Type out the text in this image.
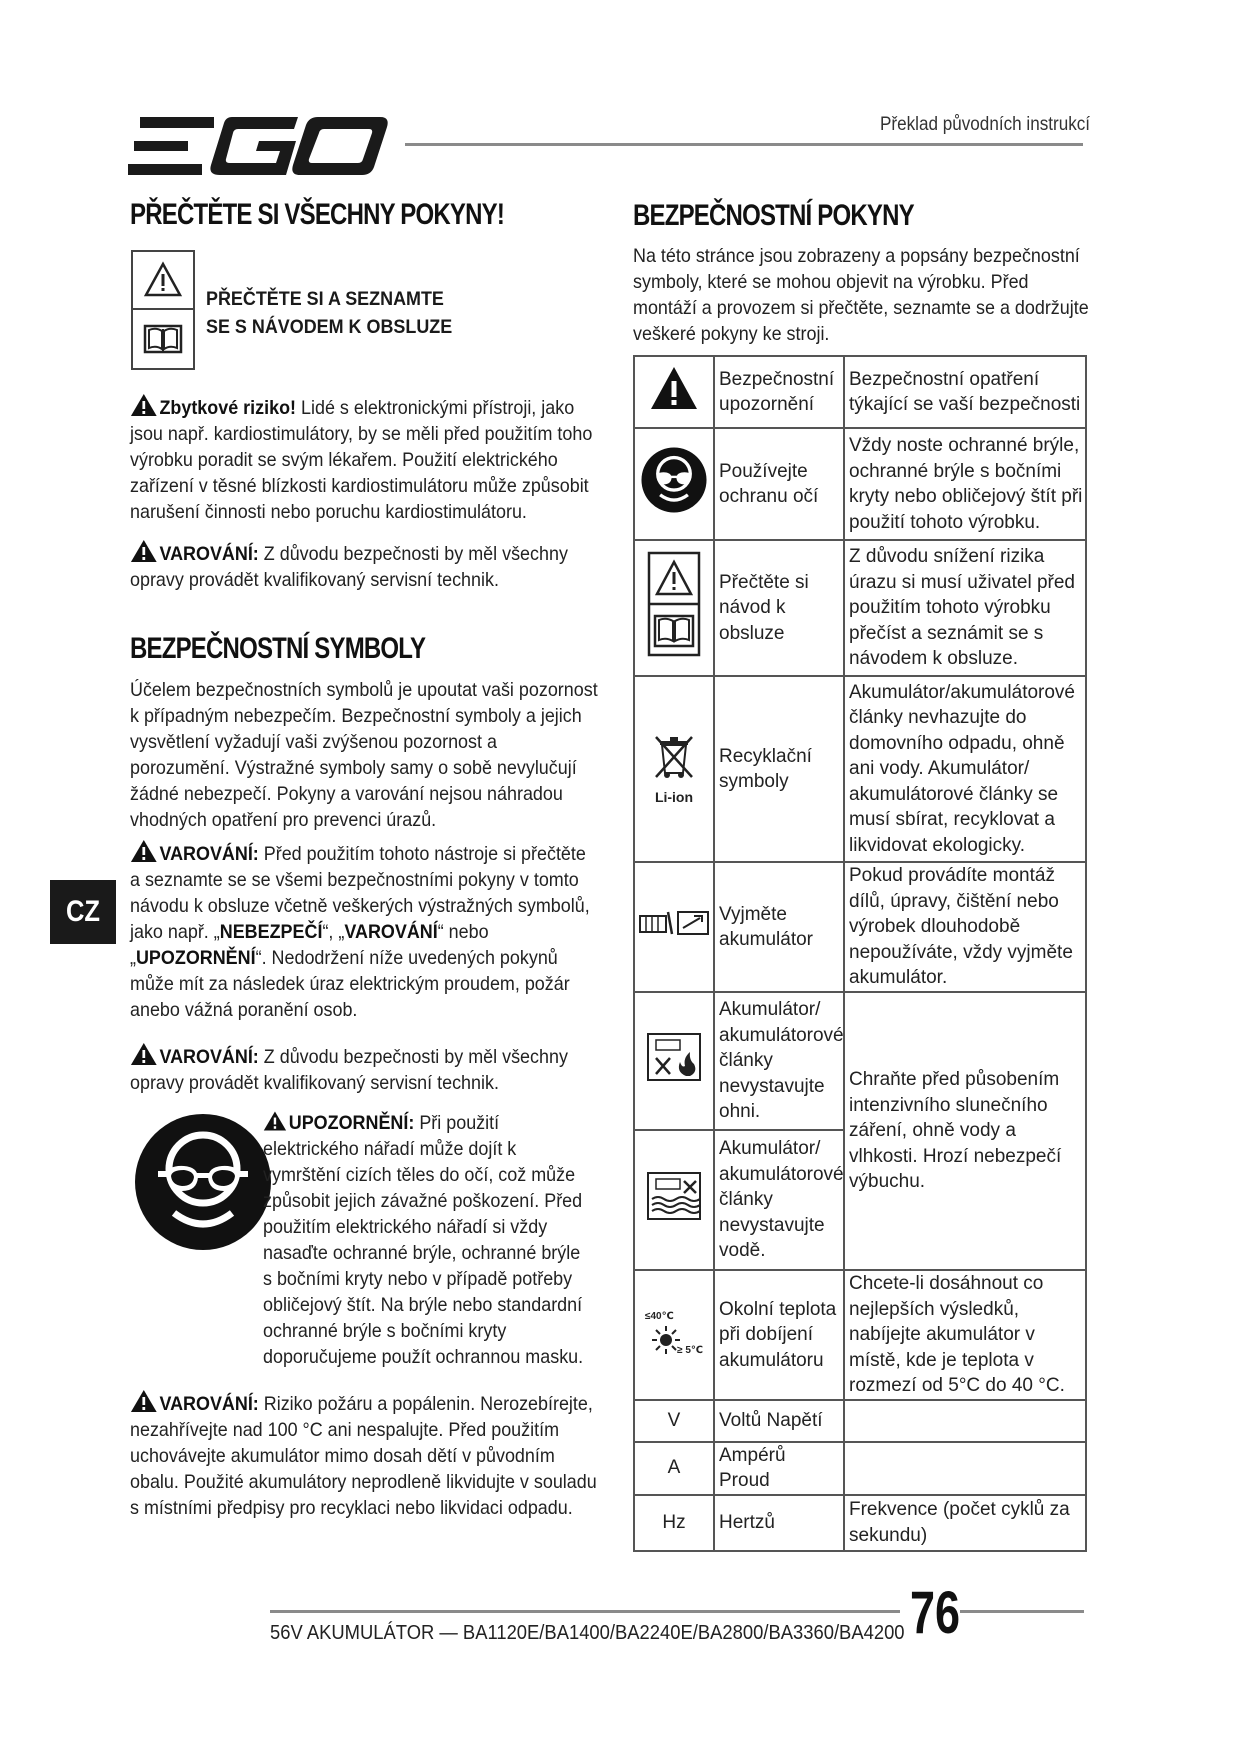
Překlad původních instrukcí
PŘEČTĚTE SI VŠECHNY POKYNY!
PŘEČTĚTE SI A SEZNAMTE
SE S NÁVODEM K OBSLUZE
Zbytkové riziko! Lidé s elektronickými přístroji, jako jsou např. kardiostimulátory, by se měli před použitím toho výrobku poradit se svým lékařem. Použití elektrického zařízení v těsné blízkosti kardiostimulátoru může způsobit narušení činnosti nebo poruchu kardiostimulátoru.
VAROVÁNÍ: Z důvodu bezpečnosti by měl všechny opravy provádět kvalifikovaný servisní technik.
BEZPEČNOSTNÍ SYMBOLY
Účelem bezpečnostních symbolů je upoutat vaši pozornost k případným nebezpečím. Bezpečnostní symboly a jejich vysvětlení vyžadují vaši zvýšenou pozornost a porozumění. Výstražné symboly samy o sobě nevylučují žádné nebezpečí. Pokyny a varování nejsou náhradou vhodných opatření pro prevenci úrazů.
VAROVÁNÍ: Před použitím tohoto nástroje si přečtěte a seznamte se se všemi bezpečnostními pokyny v tomto návodu k obsluze včetně veškerých výstražných symbolů, jako např. „NEBEZPEČÍ“, „VAROVÁNÍ“ nebo „UPOZORNĚNÍ“. Nedodržení níže uvedených pokynů může mít za následek úraz elektrickým proudem, požár anebo vážná poranění osob.
VAROVÁNÍ: Z důvodu bezpečnosti by měl všechny opravy provádět kvalifikovaný servisní technik.
UPOZORNĚNÍ: Při použití elektrického nářadí může dojít k vymrštění cizích těles do očí, což může způsobit jejich závažné poškození. Před použitím elektrického nářadí si vždy nasaďte ochranné brýle, ochranné brýle s bočními kryty nebo v případě potřeby obličejový štít. Na brýle nebo standardní ochranné brýle s bočními kryty doporučujeme použít ochrannou masku.
VAROVÁNÍ: Riziko požáru a popálenin. Nerozebírejte, nezahřívejte nad 100 °C ani nespalujte. Před použitím uchovávejte akumulátor mimo dosah dětí v původním obalu. Použité akumulátory neprodleně likvidujte v souladu s místními předpisy pro recyklaci nebo likvidaci odpadu.
CZ
BEZPEČNOSTNÍ POKYNY
Na této stránce jsou zobrazeny a popsány bezpečnostní symboly, které se mohou objevit na výrobku. Před montáží a provozem si přečtěte, seznamte se a dodržujte veškeré pokyny ke stroji.
	Bezpečnostní upozornění	Bezpečnostní opatření týkající se vaší bezpečnosti
	Používejte ochranu očí	Vždy noste ochranné brýle, ochranné brýle s bočními kryty nebo obličejový štít při použití tohoto výrobku.
	Přečtěte si návod k obsluze	Z důvodu snížení rizika úrazu si musí uživatel před použitím tohoto výrobku přečíst a seznámit se s návodem k obsluze.

Li-ion	Recyklační symboly	Akumulátor/akumulátorové články nevhazujte do domovního odpadu, ohně ani vody. Akumulátor/ akumulátorové články se musí sbírat, recyklovat a likvidovat ekologicky.
	Vyjměte akumulátor	Pokud provádíte montáž dílů, úpravy, čištění nebo výrobek dlouhodobě nepoužíváte, vždy vyjměte akumulátor.
	Akumulátor/ akumulátorové články nevystavujte ohni.	Chraňte před působením intenzivního slunečního záření, ohně vody a vlhkosti. Hrozí nebezpečí výbuchu.
	Akumulátor/ akumulátorové články nevystavujte vodě.	

≤40℃
≥ 5℃	Okolní teplota při dobíjení akumulátoru	Chcete-li dosáhnout co nejlepších výsledků, nabíjejte akumulátor v místě, kde je teplota v rozmezí od 5°C do 40 °C.
V	Voltů Napětí	
A	Ampérů Proud	
Hz	Hertzů	Frekvence (počet cyklů za sekundu)
56V AKUMULÁTOR — BA1120E/BA1400/BA2240E/BA2800/BA3360/BA4200 76
